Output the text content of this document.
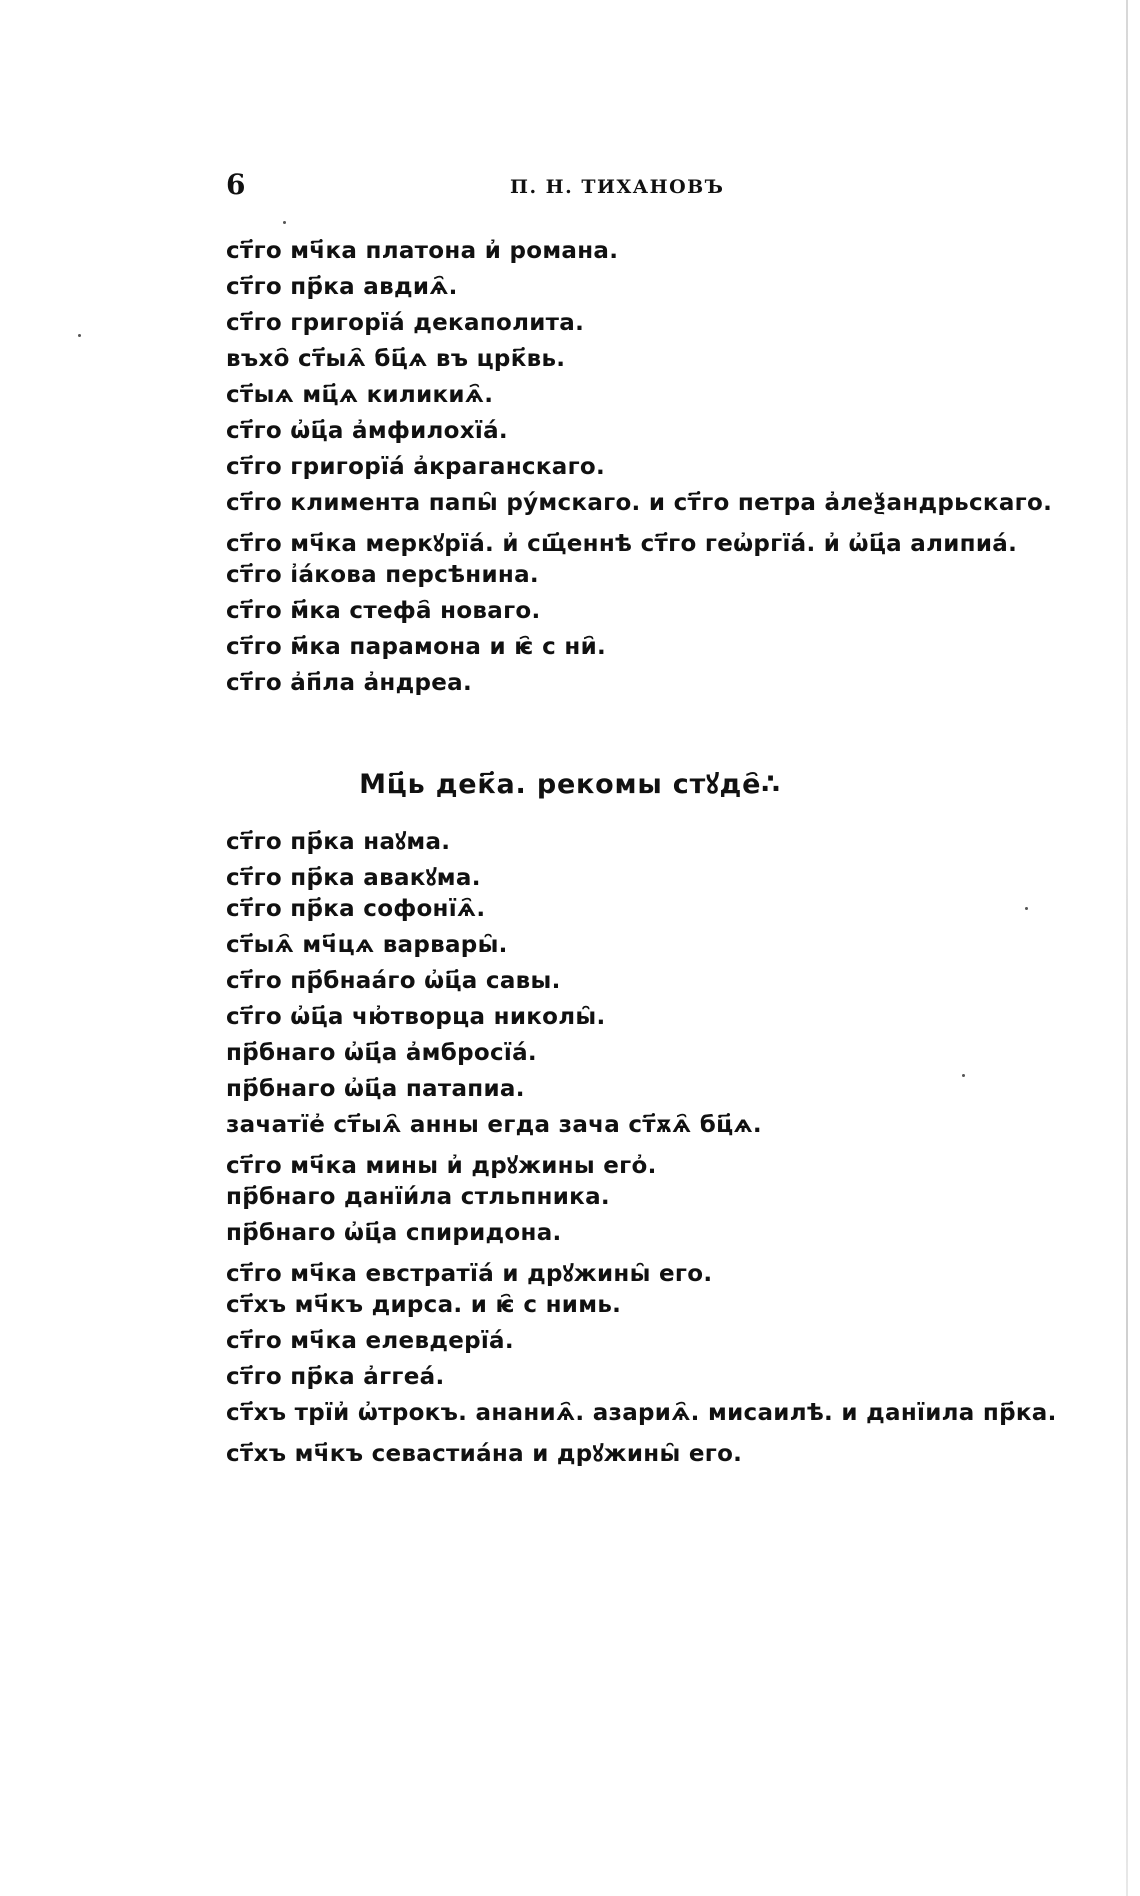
6	П. Н. ТИХАНОВЪ
ст҃го мч҃ка платона и҆ романа.
ст҃го пр҃ка авдиѧ҄.
ст҃го григорїа́ декаполита.
въхо҄ ст҃ыѧ҄ бц҃ѧ въ црк҃вь.
ст҃ыѧ мц҃ѧ киликиѧ҄.
ст҃го ѡ҆ц҃а а҆мфилохїа́.
ст҃го григорїа́ а҆краганскаго.
ст҃го климента папы̑ ру́мскаго. и ст҃го петра а҆леѯандрьскаго.
ст҃го мч҃ка меркꙋрїа́. и҆ сщ҃еннѣ ст҃го геѡ҆ргїа́. и҆ ѡ҆ц҃а алипиа́.
ст҃го і҆а́кова персѣнина.
ст҃го м҃ка стефа҄ новаго.
ст҃го м҃ка парамона и ѥ҄ с ни҄.
ст҃го а҆п҃ла а҆ндреа.
Мц҃ь дек҃а. рекомы стꙋде҄∴
ст҃го пр҃ка наꙋма.
ст҃го пр҃ка авакꙋма.
ст҃го пр҃ка софонїѧ҄.
ст҃ыѧ҄ мч҃цѧ варвары̑.
ст҃го пр҃бнаа́го ѡ҆ц҃а савы.
ст҃го ѡ҆ц҃а чю҆творца николы̑.
пр҃бнаго ѡ҆ц҃а а҆мбросїа́.
пр҃бнаго ѡ҆ц҃а патапиа.
зачатїе҆ ст҃ыѧ҄ анны егда зача ст҃ѫѧ҄ бц҃ѧ.
ст҃го мч҃ка мины и҆ дрꙋжины его҆.
пр҃бнаго данїи́ла стльпника.
пр҃бнаго ѡ҆ц҃а спиридона.
ст҃го мч҃ка евстратїа́ и дрꙋжины̑ его.
ст҃хъ мч҃къ дирса. и ѥ҄ с нимь.
ст҃го мч҃ка елевдерїа́.
ст҃го пр҃ка а҆ггеа́.
ст҃хъ трїи҆ ѡ҆трокъ. ананиѧ҄. азариѧ҄. мисаилѣ. и данїила пр҃ка.
ст҃хъ мч҃къ севастиа́на и дрꙋжины̑ его.
